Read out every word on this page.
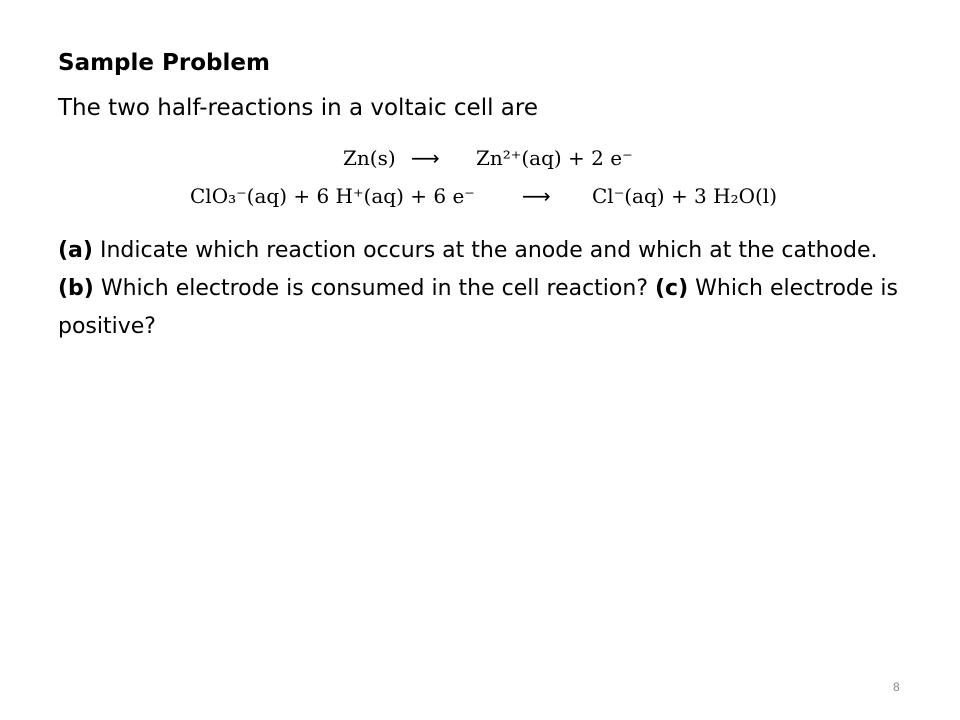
Sample Problem
The two half-reactions in a voltaic cell are
Zn(s) ⟶ Zn²⁺(aq) + 2 e⁻
ClO₃⁻(aq) + 6 H⁺(aq) + 6 e⁻ ⟶ Cl⁻(aq) + 3 H₂O(l)
(a) Indicate which reaction occurs at the anode and which at the cathode. (b) Which electrode is consumed in the cell reaction? (c) Which electrode is positive?
8
